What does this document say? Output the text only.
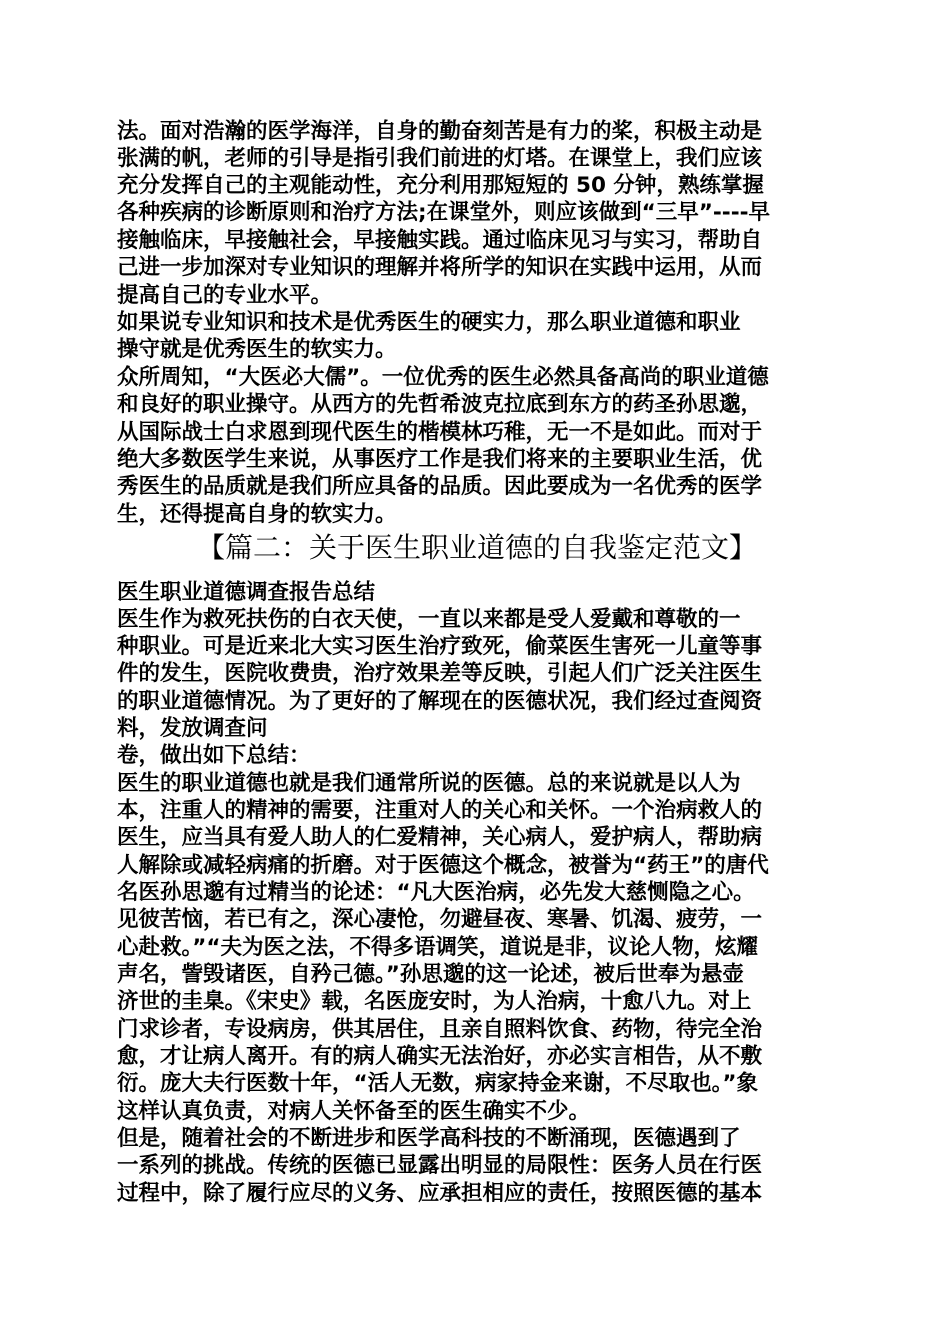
法。面对浩瀚的医学海洋，自身的勤奋刻苦是有力的桨，积极主动是
张满的帆，老师的引导是指引我们前进的灯塔。在课堂上，我们应该
充分发挥自己的主观能动性，充分利用那短短的 50 分钟，熟练掌握
各种疾病的诊断原则和治疗方法;在课堂外，则应该做到“三早”----早
接触临床，早接触社会，早接触实践。通过临床见习与实习，帮助自
己进一步加深对专业知识的理解并将所学的知识在实践中运用，从而
提高自己的专业水平。
如果说专业知识和技术是优秀医生的硬实力，那么职业道德和职业
操守就是优秀医生的软实力。
众所周知，“大医必大儒”。一位优秀的医生必然具备高尚的职业道德
和良好的职业操守。从西方的先哲希波克拉底到东方的药圣孙思邈，
从国际战士白求恩到现代医生的楷模林巧稚，无一不是如此。而对于
绝大多数医学生来说，从事医疗工作是我们将来的主要职业生活，优
秀医生的品质就是我们所应具备的品质。因此要成为一名优秀的医学
生，还得提高自身的软实力。
【篇二：关于医生职业道德的自我鉴定范文】
医生职业道德调查报告总结
医生作为救死扶伤的白衣天使，一直以来都是受人爱戴和尊敬的一
种职业。可是近来北大实习医生治疗致死，偷菜医生害死一儿童等事
件的发生，医院收费贵，治疗效果差等反映，引起人们广泛关注医生
的职业道德情况。为了更好的了解现在的医德状况，我们经过查阅资
料，发放调查问
卷，做出如下总结：
医生的职业道德也就是我们通常所说的医德。总的来说就是以人为
本，注重人的精神的需要，注重对人的关心和关怀。一个治病救人的
医生，应当具有爱人助人的仁爱精神，关心病人，爱护病人，帮助病
人解除或减轻病痛的折磨。对于医德这个概念，被誉为“药王”的唐代
名医孙思邈有过精当的论述：“凡大医治病，必先发大慈恻隐之心。
见彼苦恼，若已有之，深心凄怆，勿避昼夜、寒暑、饥渴、疲劳，一
心赴救。”“夫为医之法，不得多语调笑，道说是非，议论人物，炫耀
声名，訾毁诸医，自矜己德。”孙思邈的这一论述，被后世奉为悬壶
济世的圭臬。《宋史》载，名医庞安时，为人治病，十愈八九。对上
门求诊者，专设病房，供其居住，且亲自照料饮食、药物，待完全治
愈，才让病人离开。有的病人确实无法治好，亦必实言相告，从不敷
衍。庞大夫行医数十年，“活人无数，病家持金来谢，不尽取也。”象
这样认真负责，对病人关怀备至的医生确实不少。
但是，随着社会的不断进步和医学高科技的不断涌现，医德遇到了
一系列的挑战。传统的医德已显露出明显的局限性：医务人员在行医
过程中，除了履行应尽的义务、应承担相应的责任，按照医德的基本
